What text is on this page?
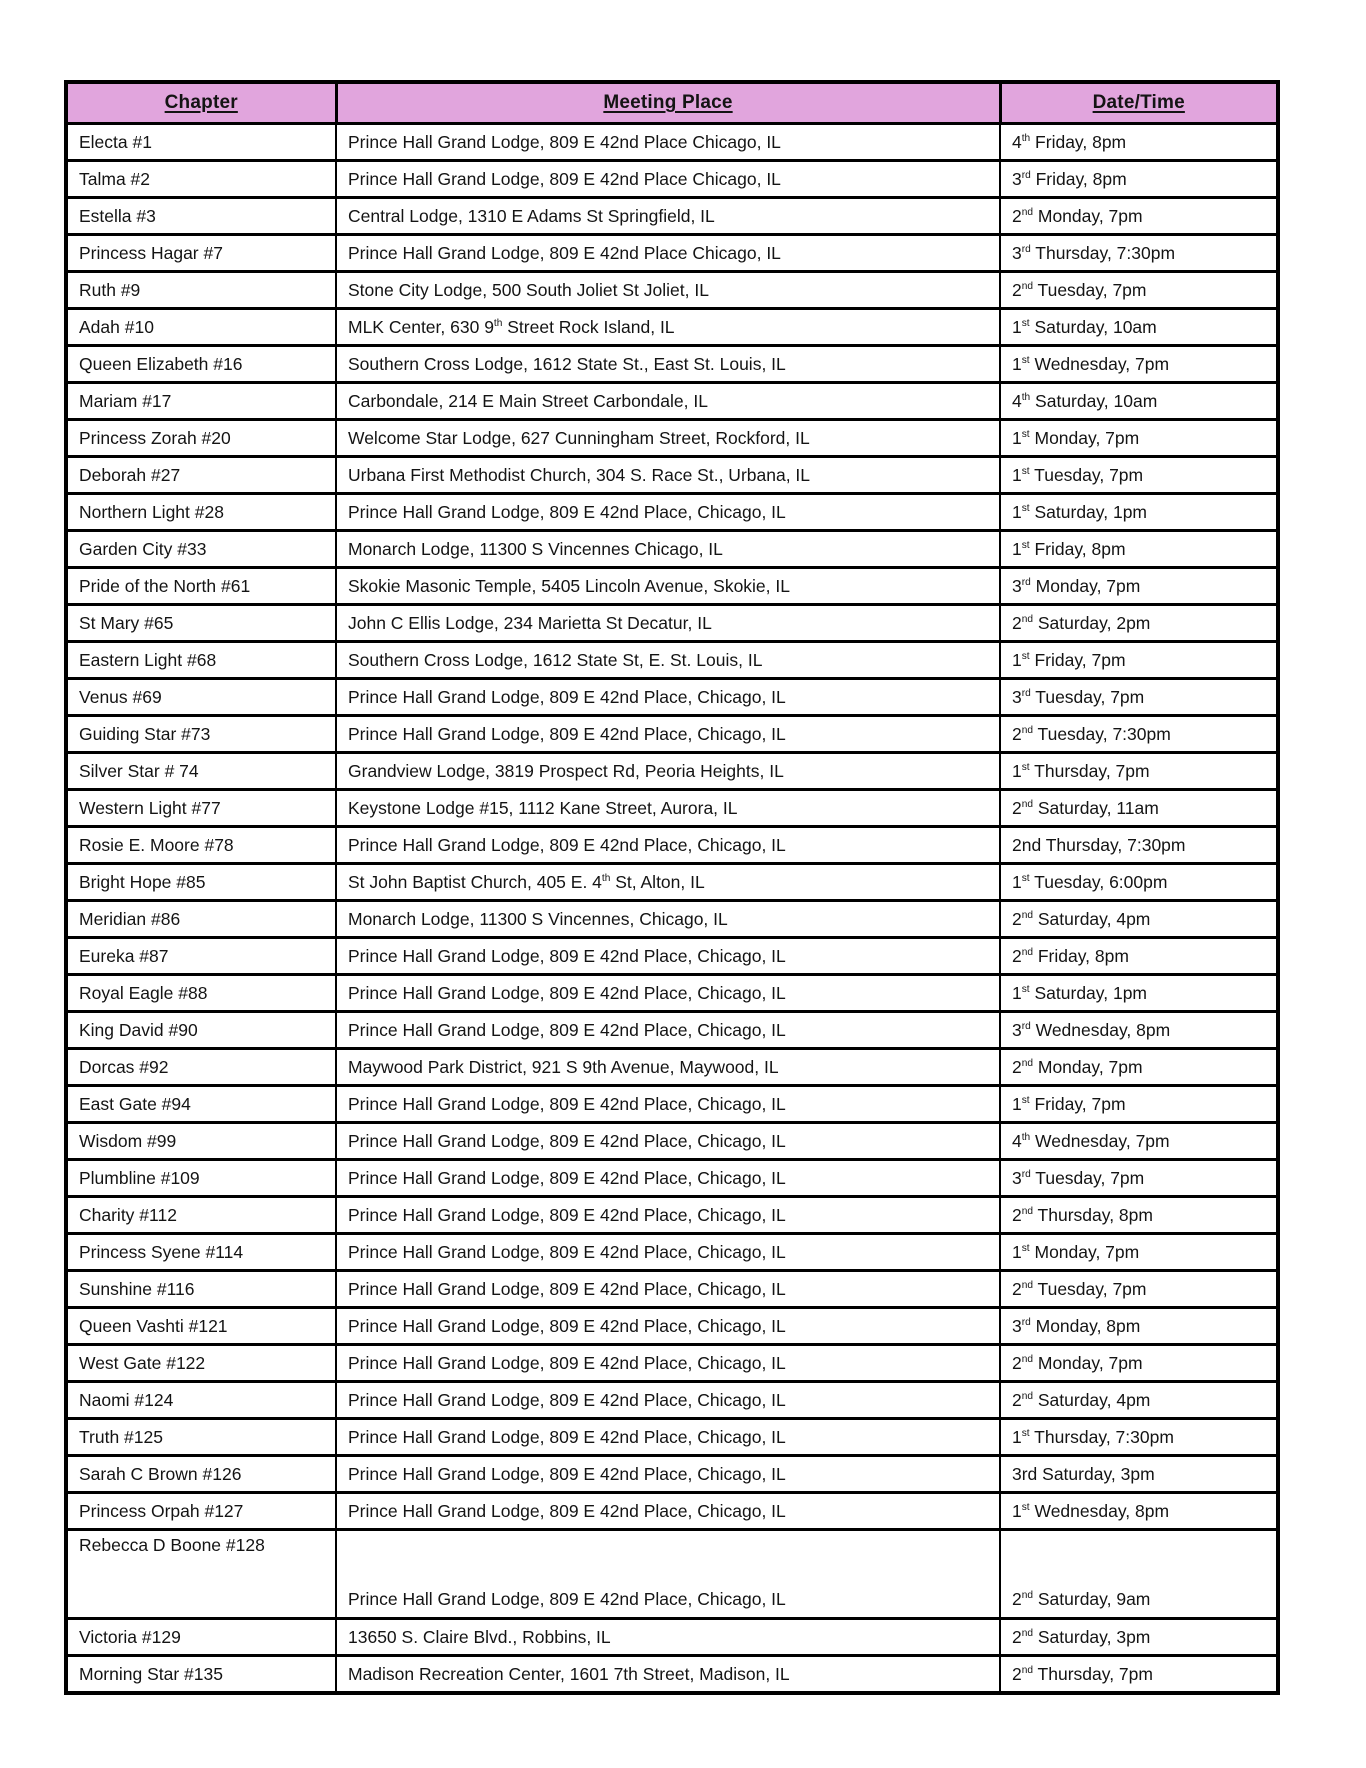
Chapter	Meeting Place	Date/Time
Electa #1	Prince Hall Grand Lodge, 809 E 42nd Place Chicago, IL	4th Friday, 8pm
Talma #2	Prince Hall Grand Lodge, 809 E 42nd Place Chicago, IL	3rd Friday, 8pm
Estella #3	Central Lodge, 1310 E Adams St Springfield, IL	2nd Monday, 7pm
Princess Hagar #7	Prince Hall Grand Lodge, 809 E 42nd Place Chicago, IL	3rd Thursday, 7:30pm
Ruth #9	Stone City Lodge, 500 South Joliet St Joliet, IL	2nd Tuesday, 7pm
Adah #10	MLK Center, 630 9th Street Rock Island, IL	1st Saturday, 10am
Queen Elizabeth #16	Southern Cross Lodge, 1612 State St., East St. Louis, IL	1st Wednesday, 7pm
Mariam #17	Carbondale, 214 E Main Street Carbondale, IL	4th Saturday, 10am
Princess Zorah #20	Welcome Star Lodge, 627 Cunningham Street, Rockford, IL	1st Monday, 7pm
Deborah #27	Urbana First Methodist Church, 304 S. Race St., Urbana, IL	1st Tuesday, 7pm
Northern Light #28	Prince Hall Grand Lodge, 809 E 42nd Place, Chicago, IL	1st Saturday, 1pm
Garden City #33	Monarch Lodge, 11300 S Vincennes Chicago, IL	1st Friday, 8pm
Pride of the North #61	Skokie Masonic Temple, 5405 Lincoln Avenue, Skokie, IL	3rd Monday, 7pm
St Mary #65	John C Ellis Lodge, 234 Marietta St Decatur, IL	2nd Saturday, 2pm
Eastern Light #68	Southern Cross Lodge, 1612 State St, E. St. Louis, IL	1st Friday, 7pm
Venus #69	Prince Hall Grand Lodge, 809 E 42nd Place, Chicago, IL	3rd Tuesday, 7pm
Guiding Star #73	Prince Hall Grand Lodge, 809 E 42nd Place, Chicago, IL	2nd Tuesday, 7:30pm
Silver Star # 74	Grandview Lodge, 3819 Prospect Rd, Peoria Heights, IL	1st Thursday, 7pm
Western Light #77	Keystone Lodge #15, 1112 Kane Street, Aurora, IL	2nd Saturday, 11am
Rosie E. Moore #78	Prince Hall Grand Lodge, 809 E 42nd Place, Chicago, IL	2nd Thursday, 7:30pm
Bright Hope #85	St John Baptist Church, 405 E. 4th St, Alton, IL	1st Tuesday, 6:00pm
Meridian #86	Monarch Lodge, 11300 S Vincennes, Chicago, IL	2nd Saturday, 4pm
Eureka #87	Prince Hall Grand Lodge, 809 E 42nd Place, Chicago, IL	2nd Friday, 8pm
Royal Eagle #88	Prince Hall Grand Lodge, 809 E 42nd Place, Chicago, IL	1st Saturday, 1pm
King David #90	Prince Hall Grand Lodge, 809 E 42nd Place, Chicago, IL	3rd Wednesday, 8pm
Dorcas #92	Maywood Park District, 921 S 9th Avenue, Maywood, IL	2nd Monday, 7pm
East Gate #94	Prince Hall Grand Lodge, 809 E 42nd Place, Chicago, IL	1st Friday, 7pm
Wisdom #99	Prince Hall Grand Lodge, 809 E 42nd Place, Chicago, IL	4th Wednesday, 7pm
Plumbline #109	Prince Hall Grand Lodge, 809 E 42nd Place, Chicago, IL	3rd Tuesday, 7pm
Charity #112	Prince Hall Grand Lodge, 809 E 42nd Place, Chicago, IL	2nd Thursday, 8pm
Princess Syene #114	Prince Hall Grand Lodge, 809 E 42nd Place, Chicago, IL	1st Monday, 7pm
Sunshine #116	Prince Hall Grand Lodge, 809 E 42nd Place, Chicago, IL	2nd Tuesday, 7pm
Queen Vashti #121	Prince Hall Grand Lodge, 809 E 42nd Place, Chicago, IL	3rd Monday, 8pm
West Gate #122	Prince Hall Grand Lodge, 809 E 42nd Place, Chicago, IL	2nd Monday, 7pm
Naomi #124	Prince Hall Grand Lodge, 809 E 42nd Place, Chicago, IL	2nd Saturday, 4pm
Truth #125	Prince Hall Grand Lodge, 809 E 42nd Place, Chicago, IL	1st Thursday, 7:30pm
Sarah C Brown #126	Prince Hall Grand Lodge, 809 E 42nd Place, Chicago, IL	3rd Saturday, 3pm
Princess Orpah #127	Prince Hall Grand Lodge, 809 E 42nd Place, Chicago, IL	1st Wednesday, 8pm
Rebecca D Boone #128	Prince Hall Grand Lodge, 809 E 42nd Place, Chicago, IL	2nd Saturday, 9am
Victoria #129	13650 S. Claire Blvd., Robbins, IL	2nd Saturday, 3pm
Morning Star #135	Madison Recreation Center, 1601 7th Street, Madison, IL	2nd Thursday, 7pm
